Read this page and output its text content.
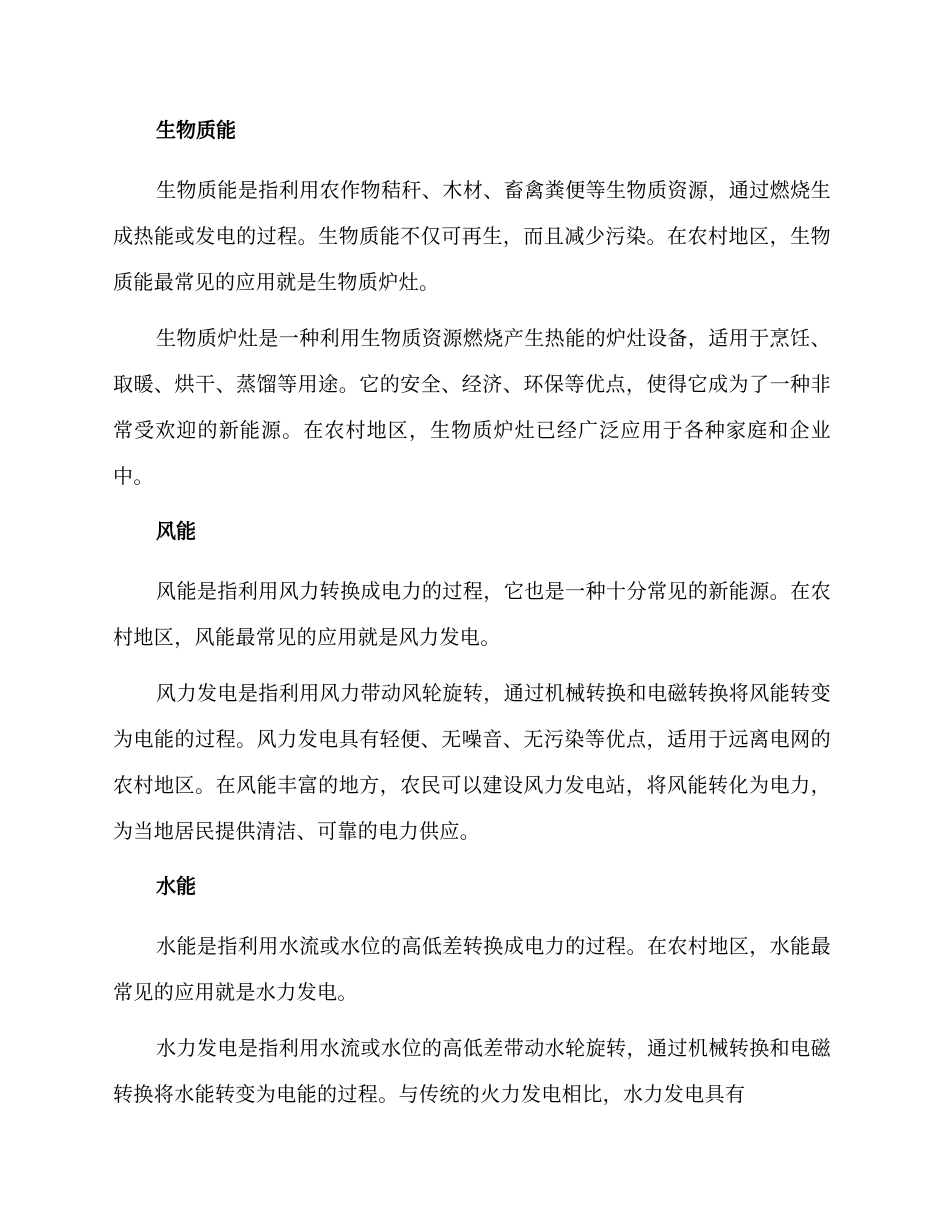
生物质能

生物质能是指利用农作物秸秆、木材、畜禽粪便等生物质资源，通过燃烧生成热能或发电的过程。生物质能不仅可再生，而且减少污染。在农村地区，生物质能最常见的应用就是生物质炉灶。

生物质炉灶是一种利用生物质资源燃烧产生热能的炉灶设备，适用于烹饪、取暖、烘干、蒸馏等用途。它的安全、经济、环保等优点，使得它成为了一种非常受欢迎的新能源。在农村地区，生物质炉灶已经广泛应用于各种家庭和企业中。

风能

风能是指利用风力转换成电力的过程，它也是一种十分常见的新能源。在农村地区，风能最常见的应用就是风力发电。

风力发电是指利用风力带动风轮旋转，通过机械转换和电磁转换将风能转变为电能的过程。风力发电具有轻便、无噪音、无污染等优点，适用于远离电网的农村地区。在风能丰富的地方，农民可以建设风力发电站，将风能转化为电力，为当地居民提供清洁、可靠的电力供应。

水能

水能是指利用水流或水位的高低差转换成电力的过程。在农村地区，水能最常见的应用就是水力发电。

水力发电是指利用水流或水位的高低差带动水轮旋转，通过机械转换和电磁转换将水能转变为电能的过程。与传统的火力发电相比，水力发电具有
